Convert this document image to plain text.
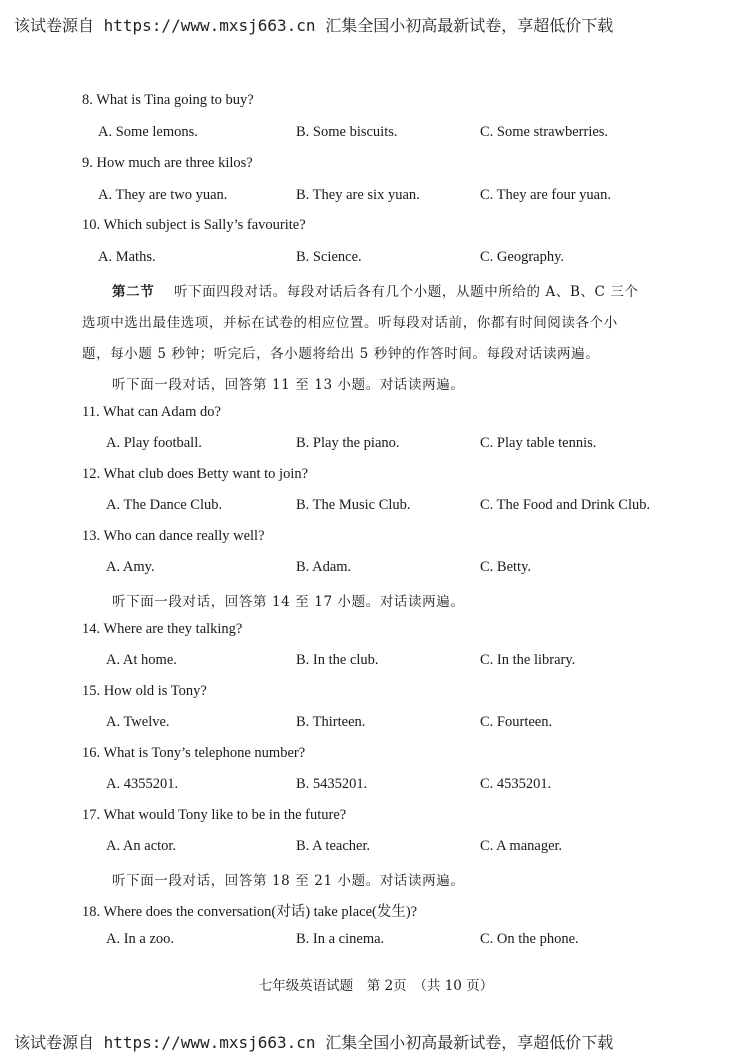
该试卷源自 https://www.mxsj663.cn 汇集全国小初高最新试卷，享超低价下载
8. What is Tina going to buy?
A. Some lemons.	B. Some biscuits.	C. Some strawberries.
9. How much are three kilos?
A. They are two yuan.	B. They are six yuan.	C. They are four yuan.
10. Which subject is Sally’s favourite?
A. Maths.	B. Science.	C. Geography.
第二节 听下面四段对话。每段对话后各有几个小题，从题中所给的 A、B、C 三个
选项中选出最佳选项，并标在试卷的相应位置。听每段对话前，你都有时间阅读各个小
题，每小题 5 秒钟；听完后，各小题将给出 5 秒钟的作答时间。每段对话读两遍。
听下面一段对话，回答第 11 至 13 小题。对话读两遍。
11. What can Adam do?
A. Play football.	B. Play the piano.	C. Play table tennis.
12. What club does Betty want to join?
A. The Dance Club.	B. The Music Club.	C. The Food and Drink Club.
13. Who can dance really well?
A. Amy.	B. Adam.	C. Betty.
听下面一段对话，回答第 14 至 17 小题。对话读两遍。
14. Where are they talking?
A. At home.	B. In the club.	C. In the library.
15. How old is Tony?
A. Twelve.	B. Thirteen.	C. Fourteen.
16. What is Tony’s telephone number?
A. 4355201.	B. 5435201.	C. 4535201.
17. What would Tony like to be in the future?
A. An actor.	B. A teacher.	C. A manager.
听下面一段对话，回答第 18 至 21 小题。对话读两遍。
18. Where does the conversation(对话) take place(发生)?
A. In a zoo.	B. In a cinema.	C. On the phone.
七年级英语试题　第 2页　（共 10 页）
该试卷源自 https://www.mxsj663.cn 汇集全国小初高最新试卷，享超低价下载
